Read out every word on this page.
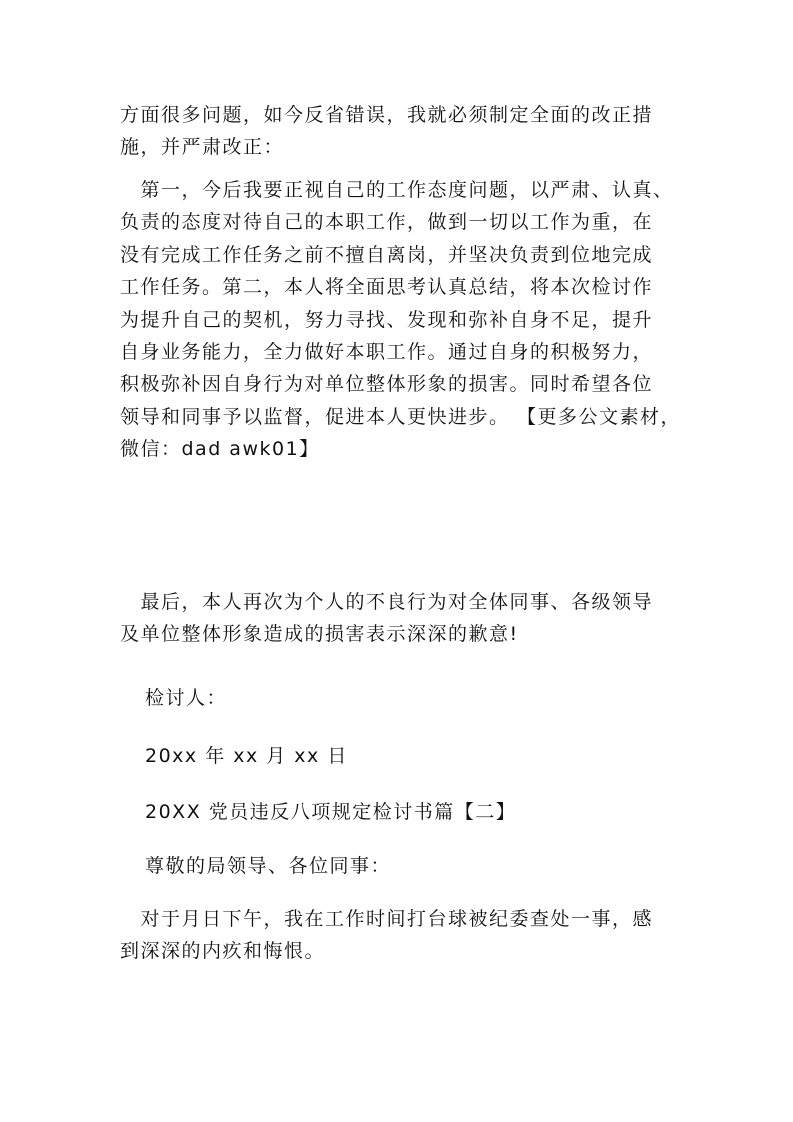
方面很多问题，如今反省错误，我就必须制定全面的改正措
施，并严肃改正：
　第一，今后我要正视自己的工作态度问题，以严肃、认真、
负责的态度对待自己的本职工作，做到一切以工作为重，在
没有完成工作任务之前不擅自离岗，并坚决负责到位地完成
工作任务。第二，本人将全面思考认真总结，将本次检讨作
为提升自己的契机，努力寻找、发现和弥补自身不足，提升
自身业务能力，全力做好本职工作。通过自身的积极努力，
积极弥补因自身行为对单位整体形象的损害。同时希望各位
领导和同事予以监督，促进本人更快进步。 【更多公文素材，
微信：dad awk01】
　最后，本人再次为个人的不良行为对全体同事、各级领导
及单位整体形象造成的损害表示深深的歉意!
检讨人：
20xx 年 xx 月 xx 日
20XX 党员违反八项规定检讨书篇【二】
尊敬的局领导、各位同事：
　对于月日下午，我在工作时间打台球被纪委查处一事，感
到深深的内疚和悔恨。
